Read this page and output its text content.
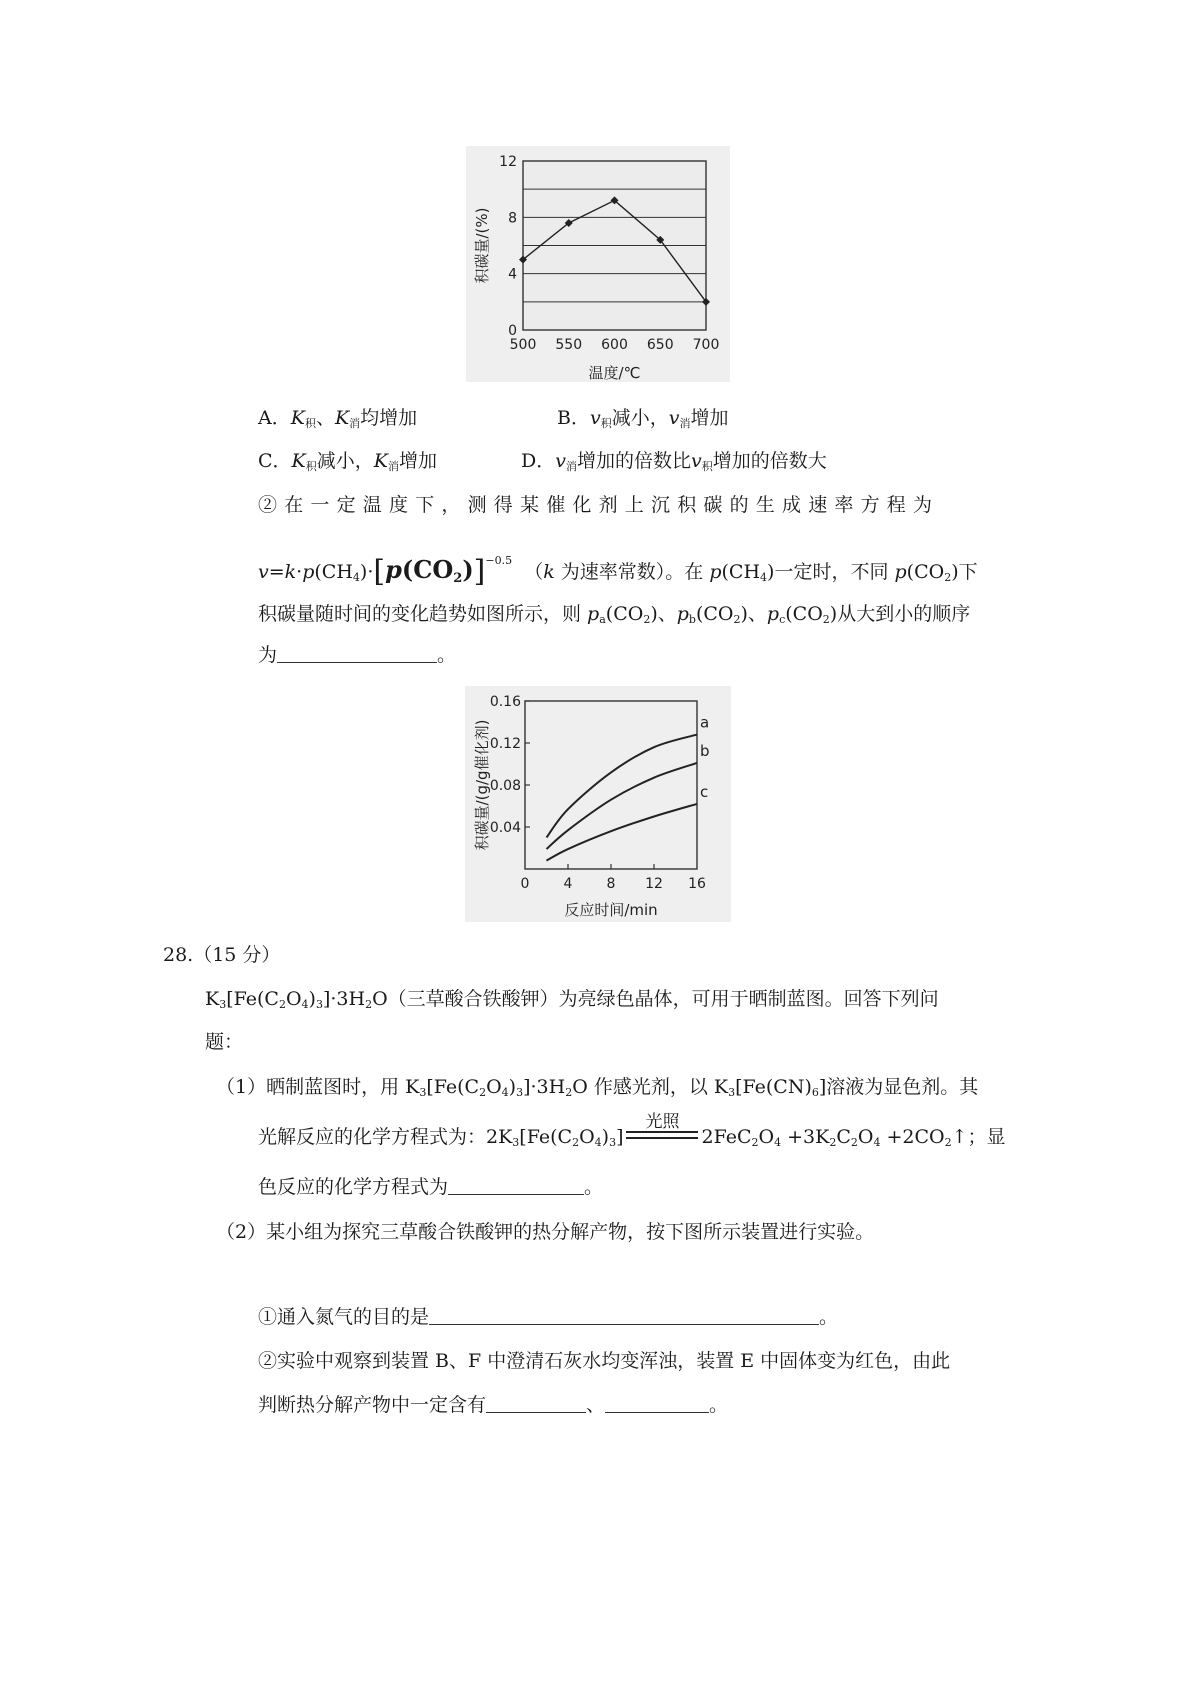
0
4
8
12
500 550 600 650 700
温度/℃
积碳量/(%)
A．$K_积$、$K_消$均增加	B．$v_积$减小，$v_消$增加
C．$K_积$减小，$K_消$增加	D．$v_消$增加的倍数比$v_积$增加的倍数大
②在一定温度下，测得某催化剂上沉积碳的生成速率方程为
$v=k\cdot p(CH_4)\cdot[p(CO_2)]^{-0.5}$  （k 为速率常数）。在 $p(CH_4)$一定时，不同 $p(CO_2)$下
积碳量随时间的变化趋势如图所示，则 $p_a(CO_2)$、$p_b(CO_2)$、$p_c(CO_2)$从大到小的顺序
为	。
0.04
0.08
0.12
0.16
0 4 8 12 16
反应时间/min
积碳量/(g/g催化剂)	a
b
c
28.（15 分）
$K_3[Fe(C_2O_4)_3]\cdot 3H_2O$（三草酸合铁酸钾）为亮绿色晶体，可用于晒制蓝图。回答下列问
题：
（1）晒制蓝图时，用 $K_3[Fe(C_2O_4)_3]\cdot 3H_2O$ 作感光剂，以 $K_3[Fe(CN)_6]$溶液为显色剂。其
光解反应的化学方程式为：$2K_3[Fe(C_2O_4)_3]$
光照
$2FeC_2O_4 +3K_2C_2O_4$ $+2CO_2↑$；显
色反应的化学方程式为	。
（2）某小组为探究三草酸合铁酸钾的热分解产物，按下图所示装置进行实验。
①通入氮气的目的是	。
②实验中观察到装置 B、F 中澄清石灰水均变浑浊，装置 E 中固体变为红色，由此
判断热分解产物中一定含有	、	。
